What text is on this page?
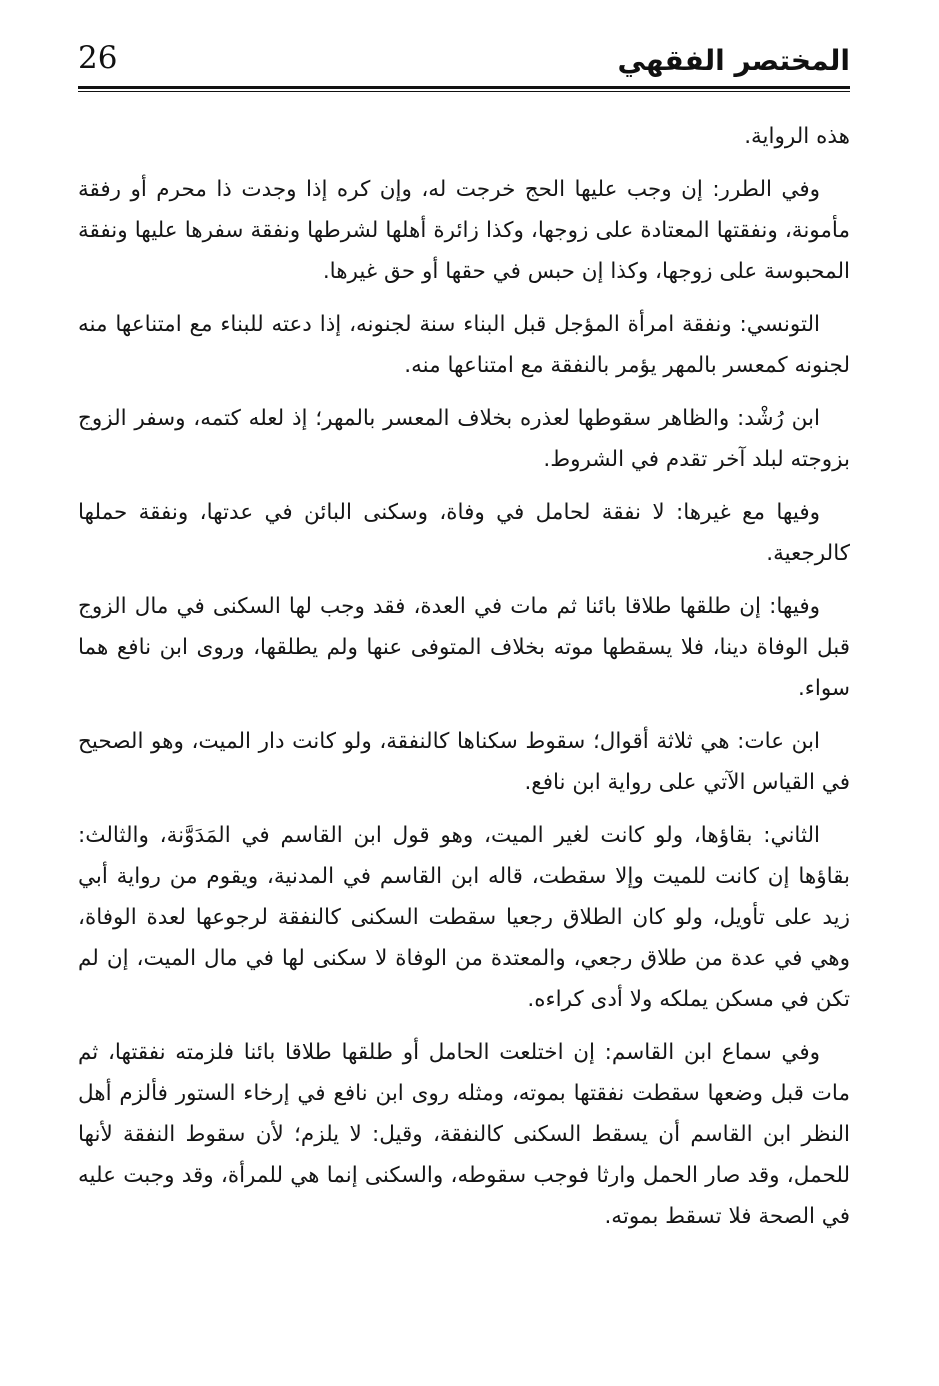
26	المختصر الفقهي

هذه الرواية.

وفي الطرر: إن وجب عليها الحج خرجت له، وإن كره إذا وجدت ذا محرم أو رفقة مأمونة، ونفقتها المعتادة على زوجها، وكذا زائرة أهلها لشرطها ونفقة سفرها عليها ونفقة المحبوسة على زوجها، وكذا إن حبس في حقها أو حق غيرها.

التونسي: ونفقة امرأة المؤجل قبل البناء سنة لجنونه، إذا دعته للبناء مع امتناعها منه لجنونه كمعسر بالمهر يؤمر بالنفقة مع امتناعها منه.

ابن رُشْد: والظاهر سقوطها لعذره بخلاف المعسر بالمهر؛ إذ لعله كتمه، وسفر الزوج بزوجته لبلد آخر تقدم في الشروط.

وفيها مع غيرها: لا نفقة لحامل في وفاة، وسكنى البائن في عدتها، ونفقة حملها كالرجعية.

وفيها: إن طلقها طلاقا بائنا ثم مات في العدة، فقد وجب لها السكنى في مال الزوج قبل الوفاة دينا، فلا يسقطها موته بخلاف المتوفى عنها ولم يطلقها، وروى ابن نافع هما سواء.

ابن عات: هي ثلاثة أقوال؛ سقوط سكناها كالنفقة، ولو كانت دار الميت، وهو الصحيح في القياس الآتي على رواية ابن نافع.

الثاني: بقاؤها، ولو كانت لغير الميت، وهو قول ابن القاسم في المَدَوَّنة، والثالث: بقاؤها إن كانت للميت وإلا سقطت، قاله ابن القاسم في المدنية، ويقوم من رواية أبي زيد على تأويل، ولو كان الطلاق رجعيا سقطت السكنى كالنفقة لرجوعها لعدة الوفاة، وهي في عدة من طلاق رجعي، والمعتدة من الوفاة لا سكنى لها في مال الميت، إن لم تكن في مسكن يملكه ولا أدى كراءه.

وفي سماع ابن القاسم: إن اختلعت الحامل أو طلقها طلاقا بائنا فلزمته نفقتها، ثم مات قبل وضعها سقطت نفقتها بموته، ومثله روى ابن نافع في إرخاء الستور فألزم أهل النظر ابن القاسم أن يسقط السكنى كالنفقة، وقيل: لا يلزم؛ لأن سقوط النفقة لأنها للحمل، وقد صار الحمل وارثا فوجب سقوطه، والسكنى إنما هي للمرأة، وقد وجبت عليه في الصحة فلا تسقط بموته.
